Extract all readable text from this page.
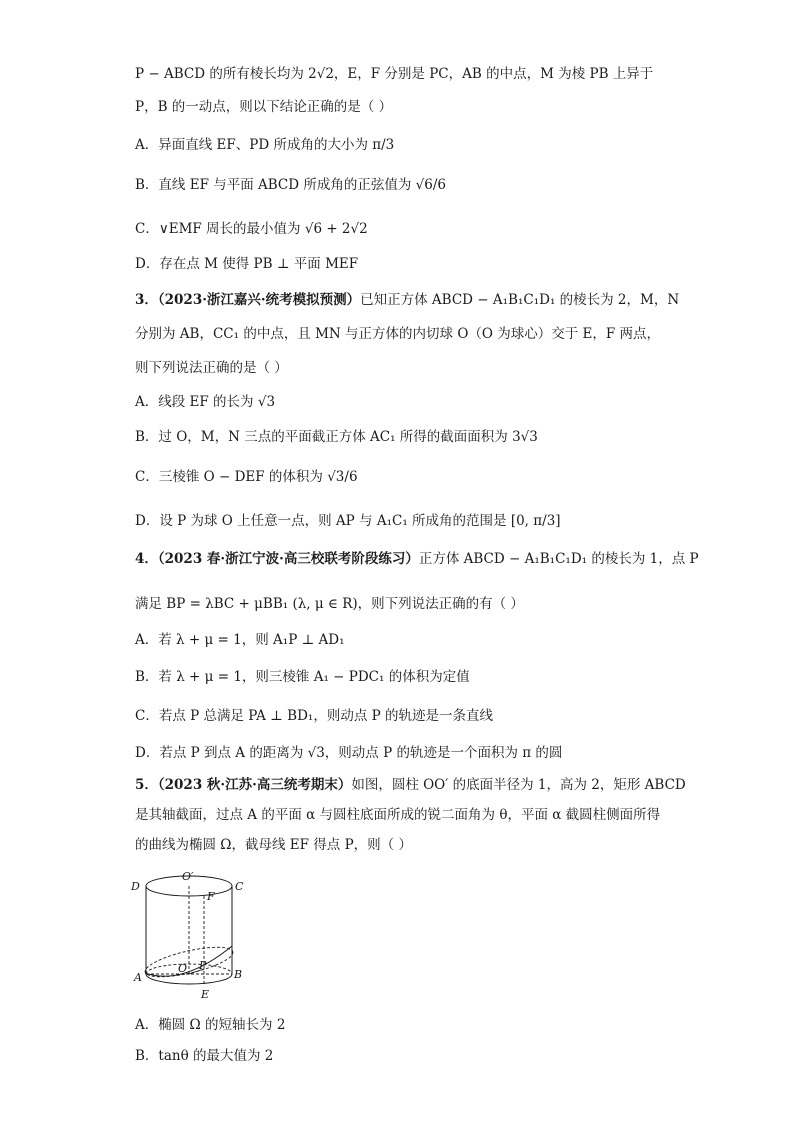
P − ABCD 的所有棱长均为 2√2，E，F 分别是 PC，AB 的中点，M 为棱 PB 上异于
P，B 的一动点，则以下结论正确的是（ ）
A．异面直线 EF、PD 所成角的大小为 π/3
B．直线 EF 与平面 ABCD 所成角的正弦值为 √6/6
C．∨EMF 周长的最小值为 √6 + 2√2
D．存在点 M 使得 PB ⊥ 平面 MEF
3．（2023·浙江嘉兴·统考模拟预测）已知正方体 ABCD − A₁B₁C₁D₁ 的棱长为 2，M，N
分别为 AB，CC₁ 的中点，且 MN 与正方体的内切球 O（O 为球心）交于 E，F 两点，
则下列说法正确的是（ ）
A．线段 EF 的长为 √3
B．过 O，M，N 三点的平面截正方体 AC₁ 所得的截面面积为 3√3
C．三棱锥 O − DEF 的体积为 √3/6
D．设 P 为球 O 上任意一点，则 AP 与 A₁C₁ 所成角的范围是 [0, π/3]
4．（2023 春·浙江宁波·高三校联考阶段练习）正方体 ABCD − A₁B₁C₁D₁ 的棱长为 1，点 P
满足 BP = λBC + μBB₁ (λ, μ ∈ R)，则下列说法正确的有（ ）
A．若 λ + μ = 1，则 A₁P ⊥ AD₁
B．若 λ + μ = 1，则三棱锥 A₁ − PDC₁ 的体积为定值
C．若点 P 总满足 PA ⊥ BD₁，则动点 P 的轨迹是一条直线
D．若点 P 到点 A 的距离为 √3，则动点 P 的轨迹是一个面积为 π 的圆
5．（2023 秋·江苏·高三统考期末）如图，圆柱 OO′ 的底面半径为 1，高为 2，矩形 ABCD
是其轴截面，过点 A 的平面 α 与圆柱底面所成的锐二面角为 θ，平面 α 截圆柱侧面所得
的曲线为椭圆 Ω，截母线 EF 得点 P，则（ ）
A．椭圆 Ω 的短轴长为 2
B．tanθ 的最大值为 2
D
O′
C
F
A
O P
B
E
